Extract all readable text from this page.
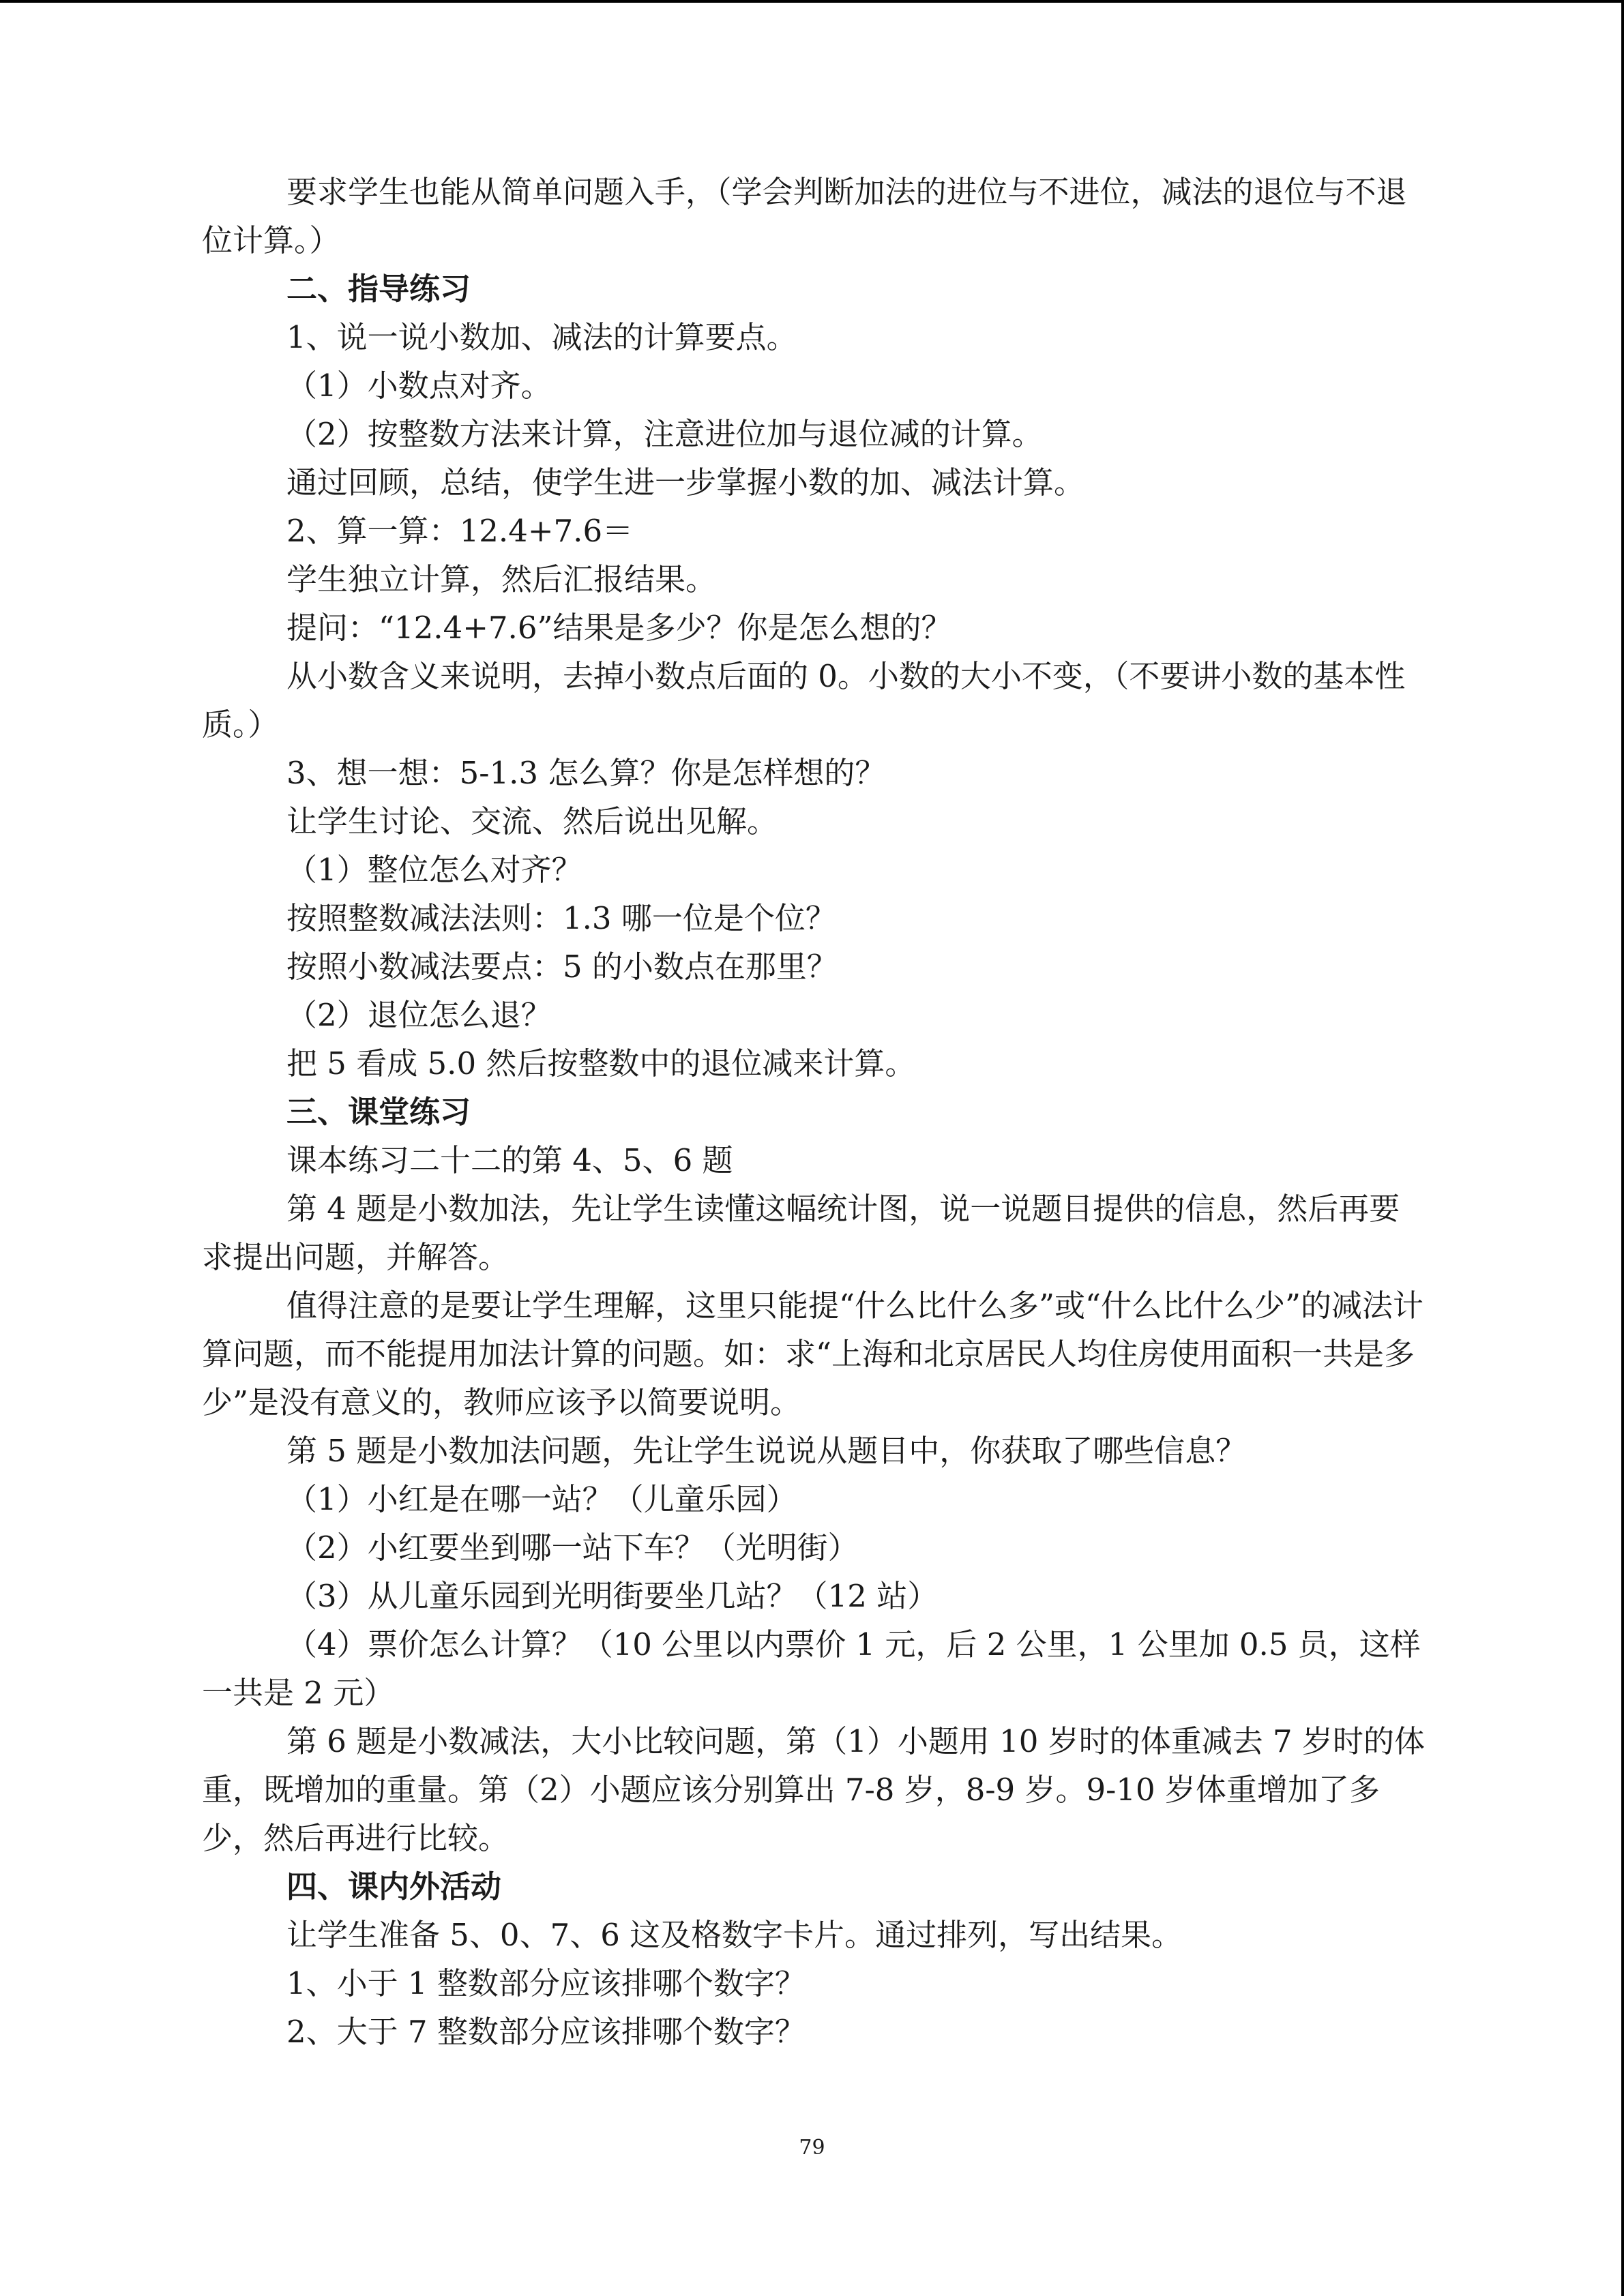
要求学生也能从简单问题入手，（学会判断加法的进位与不进位，减法的退位与不退位计算。）

二、指导练习

1、说一说小数加、减法的计算要点。

（1）小数点对齐。

（2）按整数方法来计算，注意进位加与退位减的计算。

通过回顾，总结，使学生进一步掌握小数的加、减法计算。

2、算一算：12.4+7.6＝

学生独立计算，然后汇报结果。

提问：“12.4+7.6”结果是多少？你是怎么想的？

从小数含义来说明，去掉小数点后面的 0。小数的大小不变，（不要讲小数的基本性质。）

3、想一想：5-1.3 怎么算？你是怎样想的？

让学生讨论、交流、然后说出见解。

（1）整位怎么对齐？

按照整数减法法则：1.3 哪一位是个位？

按照小数减法要点：5 的小数点在那里？

（2）退位怎么退？

把 5 看成 5.0 然后按整数中的退位减来计算。

三、课堂练习

课本练习二十二的第 4、5、6 题

第 4 题是小数加法，先让学生读懂这幅统计图，说一说题目提供的信息，然后再要求提出问题，并解答。

值得注意的是要让学生理解，这里只能提“什么比什么多”或“什么比什么少”的减法计算问题，而不能提用加法计算的问题。如：求“上海和北京居民人均住房使用面积一共是多少”是没有意义的，教师应该予以简要说明。

第 5 题是小数加法问题，先让学生说说从题目中，你获取了哪些信息？

（1）小红是在哪一站？（儿童乐园）

（2）小红要坐到哪一站下车？（光明街）

（3）从儿童乐园到光明街要坐几站？（12 站）

（4）票价怎么计算？（10 公里以内票价 1 元，后 2 公里，1 公里加 0.5 员，这样一共是 2 元）

第 6 题是小数减法，大小比较问题，第（1）小题用 10 岁时的体重减去 7 岁时的体重，既增加的重量。第（2）小题应该分别算出 7-8 岁，8-9 岁。9-10 岁体重增加了多少，然后再进行比较。

四、课内外活动

让学生准备 5、0、7、6 这及格数字卡片。通过排列，写出结果。

1、小于 1 整数部分应该排哪个数字？

2、大于 7 整数部分应该排哪个数字？

79
